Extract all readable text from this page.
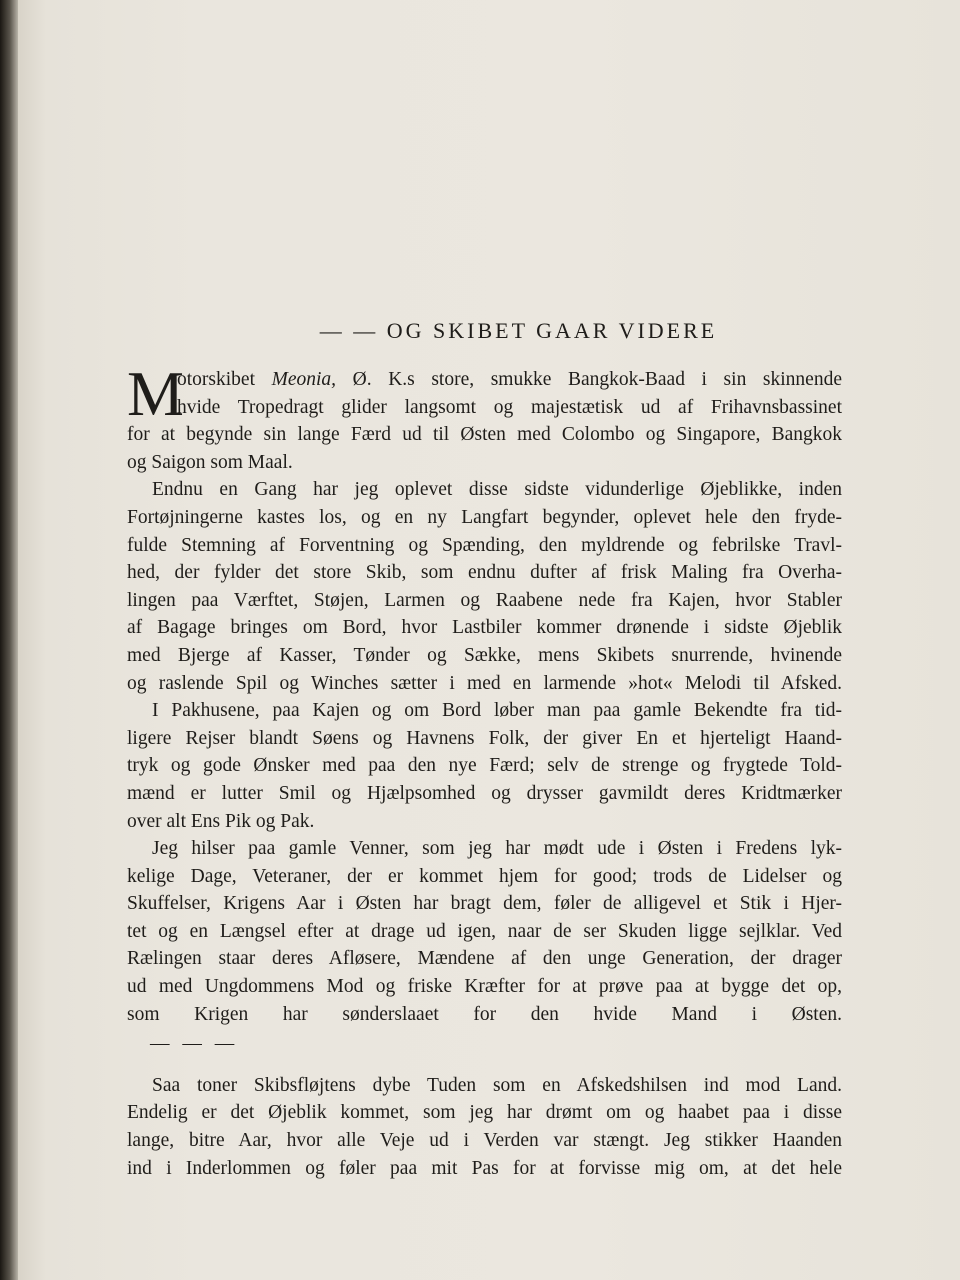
— — OG SKIBET GAAR VIDERE
M
otorskibet Meonia, Ø. K.s store, smukke Bangkok-Baad i sin skinnende
hvide Tropedragt glider langsomt og majestætisk ud af Frihavnsbassinet
for at begynde sin lange Færd ud til Østen med Colombo og Singapore, Bangkok
og Saigon som Maal.
Endnu en Gang har jeg oplevet disse sidste vidunderlige Øjeblikke, inden
Fortøjningerne kastes los, og en ny Langfart begynder, oplevet hele den fryde-
fulde Stemning af Forventning og Spænding, den myldrende og febrilske Travl-
hed, der fylder det store Skib, som endnu dufter af frisk Maling fra Overha-
lingen paa Værftet, Støjen, Larmen og Raabene nede fra Kajen, hvor Stabler
af Bagage bringes om Bord, hvor Lastbiler kommer drønende i sidste Øjeblik
med Bjerge af Kasser, Tønder og Sække, mens Skibets snurrende, hvinende
og raslende Spil og Winches sætter i med en larmende »hot« Melodi til Afsked.
I Pakhusene, paa Kajen og om Bord løber man paa gamle Bekendte fra tid-
ligere Rejser blandt Søens og Havnens Folk, der giver En et hjerteligt Haand-
tryk og gode Ønsker med paa den nye Færd; selv de strenge og frygtede Told-
mænd er lutter Smil og Hjælpsomhed og drysser gavmildt deres Kridtmærker
over alt Ens Pik og Pak.
Jeg hilser paa gamle Venner, som jeg har mødt ude i Østen i Fredens lyk-
kelige Dage, Veteraner, der er kommet hjem for good; trods de Lidelser og
Skuffelser, Krigens Aar i Østen har bragt dem, føler de alligevel et Stik i Hjer-
tet og en Længsel efter at drage ud igen, naar de ser Skuden ligge sejlklar. Ved
Rælingen staar deres Afløsere, Mændene af den unge Generation, der drager
ud med Ungdommens Mod og friske Kræfter for at prøve paa at bygge det op,
som Krigen har sønderslaaet for den hvide Mand i Østen.
— — —
Saa toner Skibsfløjtens dybe Tuden som en Afskedshilsen ind mod Land.
Endelig er det Øjeblik kommet, som jeg har drømt om og haabet paa i disse
lange, bitre Aar, hvor alle Veje ud i Verden var stængt. Jeg stikker Haanden
ind i Inderlommen og føler paa mit Pas for at forvisse mig om, at det hele
